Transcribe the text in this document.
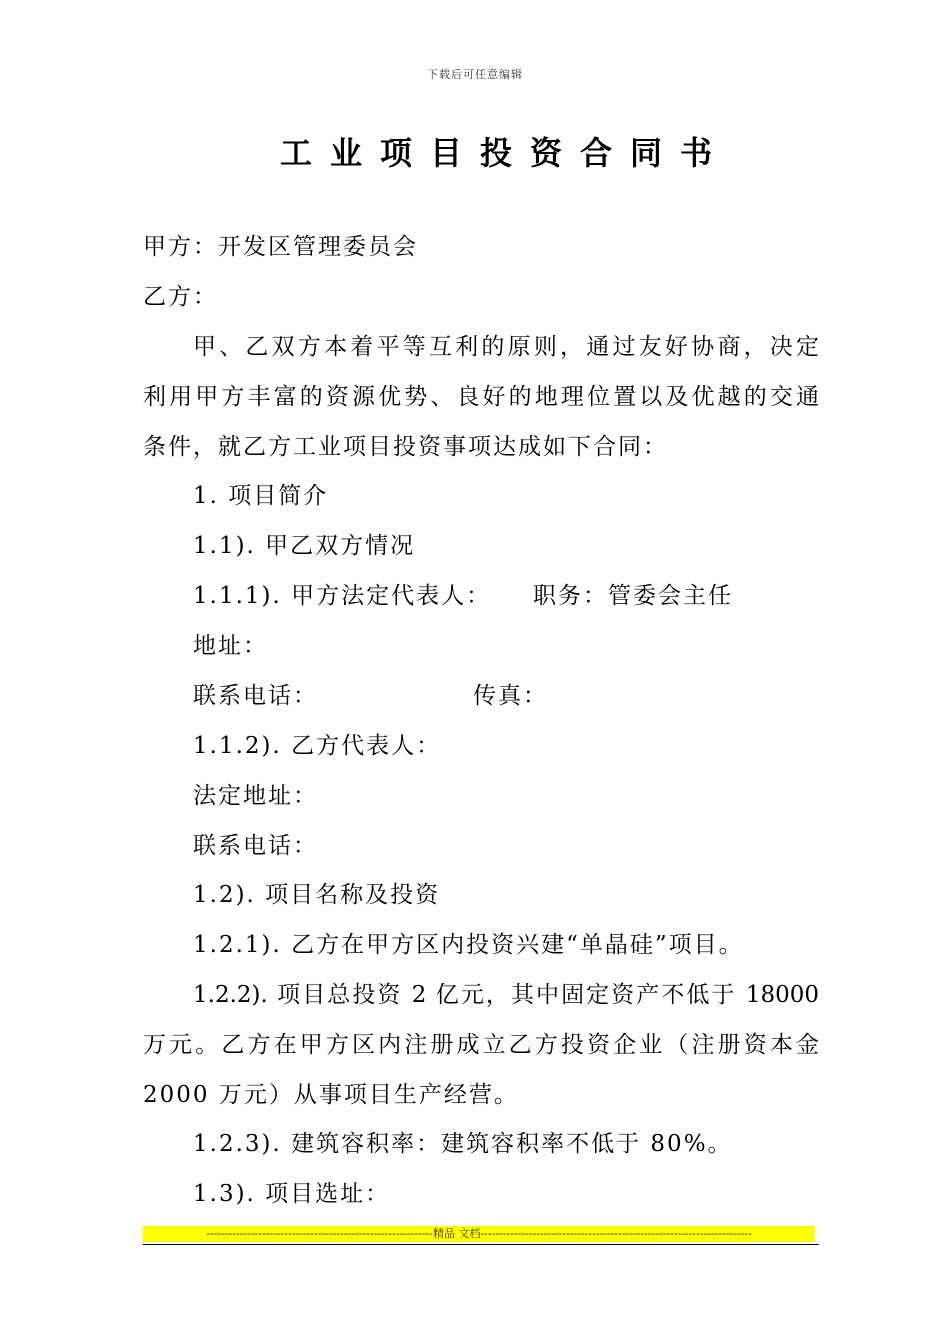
下载后可任意编辑
工业项目投资合同书
甲方：开发区管理委员会
乙方：
甲、乙双方本着平等互利的原则，通过友好协商，决定
利用甲方丰富的资源优势、良好的地理位置以及优越的交通
条件，就乙方工业项目投资事项达成如下合同：
1. 项目简介
1.1). 甲乙双方情况
1.1.1). 甲方法定代表人： 职务：管委会主任
地址：
联系电话：	传真：
1.1.2). 乙方代表人：
法定地址：
联系电话：
1.2). 项目名称及投资
1.2.1). 乙方在甲方区内投资兴建“单晶硅”项目。
1.2.2). 项目总投资 2 亿元，其中固定资产不低于 18000
万元。乙方在甲方区内注册成立乙方投资企业（注册资本金
2000 万元）从事项目生产经营。
1.2.3). 建筑容积率：建筑容积率不低于 80%。
1.3). 项目选址：
-------------------------------------------------------------精品 文档-------------------------------------------------------------------------
